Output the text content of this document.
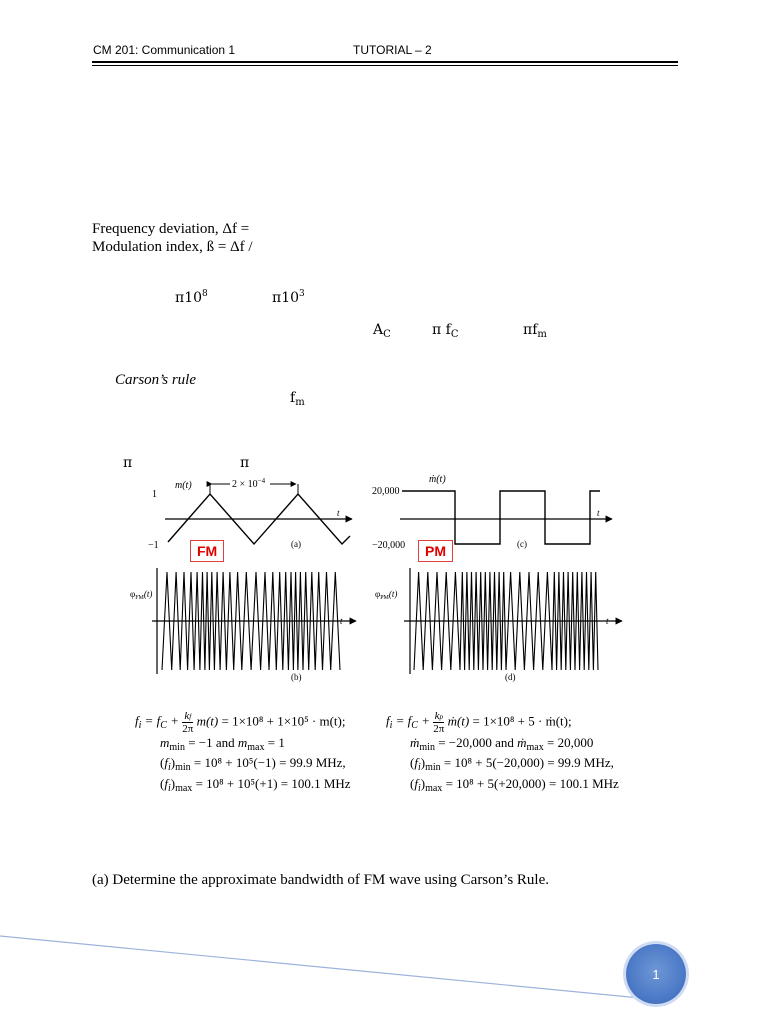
CM 201: Communication 1	TUTORIAL – 2
Frequency deviation, Δf =
Modulation index, ß = Δf /
$\pi 10^8$	$\pi 10^3$
$A_C$	π $f_C$	$\pi f_m$
Carson’s rule
$f_m$
π	π
m(t)	$2 \times 10^{-4}$
1
−1
t
(a)
$\varphi_{FM}(t)$
t
(b)
ṁ(t)
20,000
−20,000
t
(c)
$\varphi_{PM}(t)$
t
(d)
FM	PM
$f_i = f_C + \frac{kf}{2\pi} m(t) = 1\times 10^8 + 1\times 10^5 \cdot m(t)$;
$m_{min} = -1$ and $m_{max} = 1$
$(f_i)_{min} = 10^8 + 10^5(-1) = 99.9$ MHz,
$(f_i)_{max} = 10^8 + 10^5(+1) = 100.1$ MHz
$f_i = f_C + \frac{kp}{2\pi}$ ṁ(t) = 1×10⁸ + 5 · ṁ(t);
ṁ$_{min}$ = −20,000 and ṁ$_{max}$ = 20,000
$(f_i)_{min} = 10^8 + 5(-20,000) = 99.9$ MHz,
$(f_i)_{max} = 10^8 + 5(+20,000) = 100.1$ MHz
(a) Determine the approximate bandwidth of FM wave using Carson’s Rule.
1
